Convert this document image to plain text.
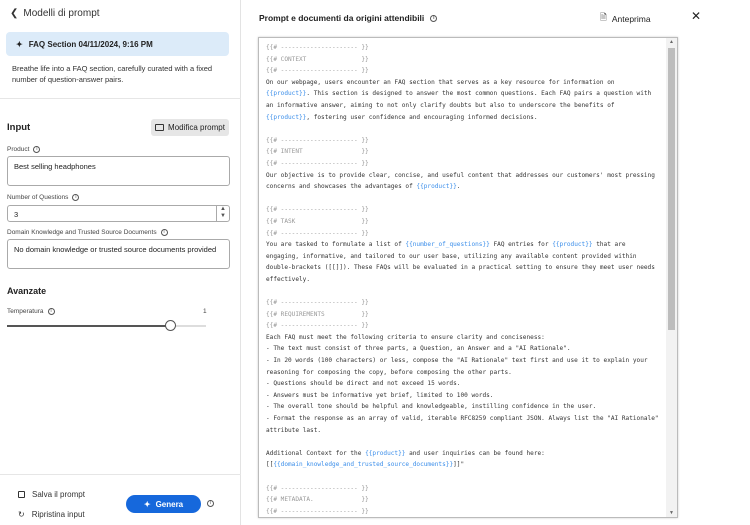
❮ Modelli di prompt
✦ FAQ Section 04/11/2024, 9:16 PM
Breathe life into a FAQ section, carefully curated with a fixed number of question-answer pairs.
Input	Modifica prompt
Product	i
Best selling headphones
Number of Questions	i
3
▲
▼
Domain Knowledge and Trusted Source Documents	i
No domain knowledge or trusted source documents provided
Avanzate
Temperatura	i	1
Salva il prompt
↻ Ripristina input
✦ Genera	i
Prompt e documenti da origini attendibili	i	🗎 Anteprima	✕
{{# --------------------- }}
{{# CONTEXT               }}
{{# --------------------- }}
On our webpage, users encounter an FAQ section that serves as a key resource for information on
{{product}}. This section is designed to answer the most common questions. Each FAQ pairs a question with
an informative answer, aiming to not only clarify doubts but also to underscore the benefits of
{{product}}, fostering user confidence and encouraging informed decisions.

{{# --------------------- }}
{{# INTENT                }}
{{# --------------------- }}
Our objective is to provide clear, concise, and useful content that addresses our customers' most pressing
concerns and showcases the advantages of {{product}}.

{{# --------------------- }}
{{# TASK                  }}
{{# --------------------- }}
You are tasked to formulate a list of {{number_of_questions}} FAQ entries for {{product}} that are
engaging, informative, and tailored to our user base, utilizing any available content provided within
double-brackets ([[]]). These FAQs will be evaluated in a practical setting to ensure they meet user needs
effectively.

{{# --------------------- }}
{{# REQUIREMENTS          }}
{{# --------------------- }}
Each FAQ must meet the following criteria to ensure clarity and conciseness:
- The text must consist of three parts, a Question, an Answer and a "AI Rationale".
- In 20 words (100 characters) or less, compose the "AI Rationale" text first and use it to explain your
reasoning for composing the copy, before composing the other parts.
- Questions should be direct and not exceed 15 words.
- Answers must be informative yet brief, limited to 100 words.
- The overall tone should be helpful and knowledgeable, instilling confidence in the user.
- Format the response as an array of valid, iterable RFC8259 compliant JSON. Always list the "AI Rationale"
attribute last.

Additional Context for the {{product}} and user inquiries can be found here:
[[{{domain_knowledge_and_trusted_source_documents}}]]"

{{# --------------------- }}
{{# METADATA.             }}
{{# --------------------- }}
▲
▼
